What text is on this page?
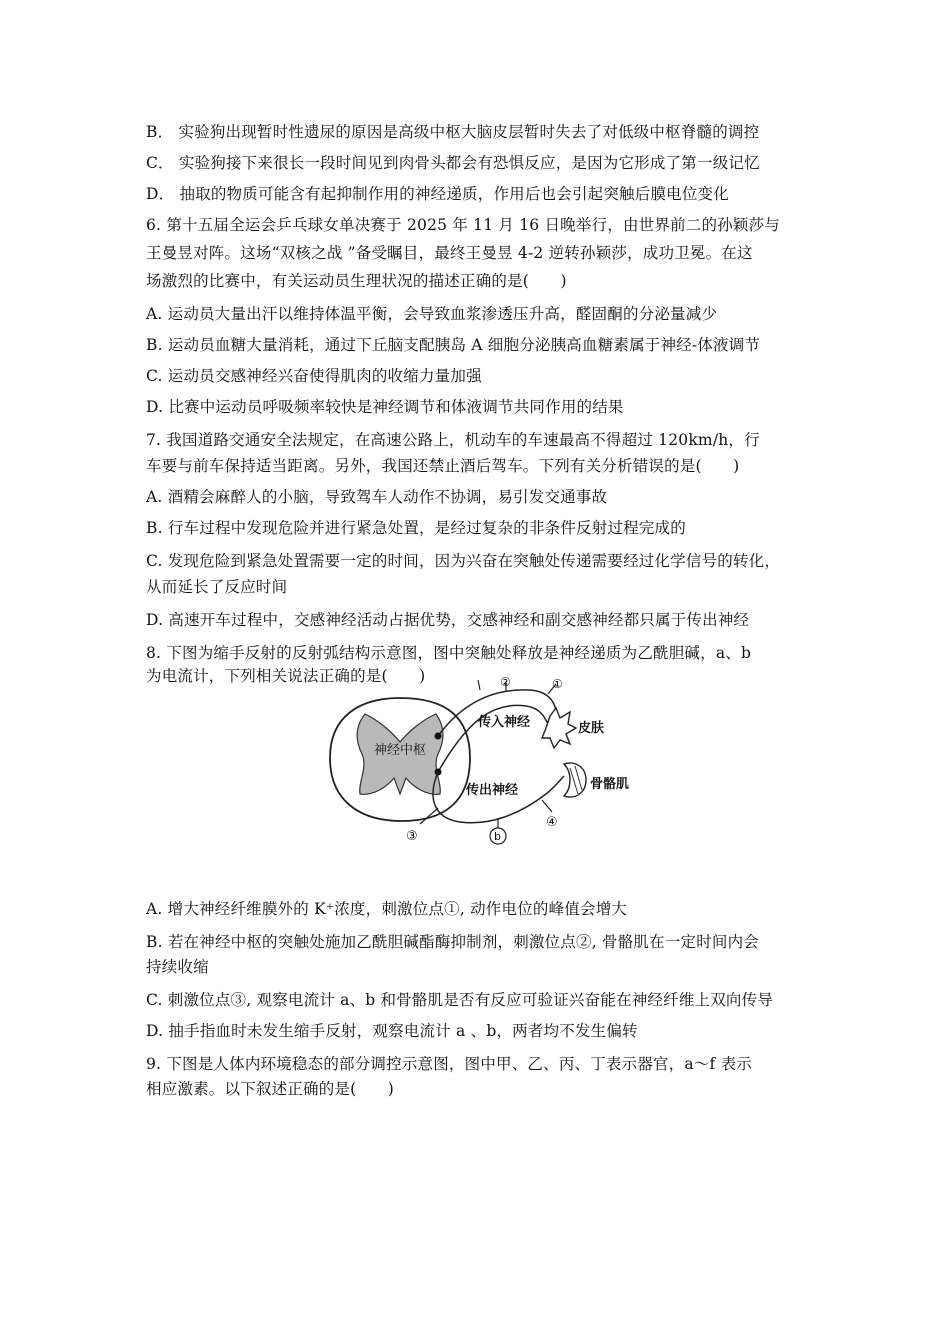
B． 实验狗出现暂时性遗尿的原因是高级中枢大脑皮层暂时失去了对低级中枢脊髓的调控
C． 实验狗接下来很长一段时间见到肉骨头都会有恐惧反应，是因为它形成了第一级记忆
D． 抽取的物质可能含有起抑制作用的神经递质，作用后也会引起突触后膜电位变化
6. 第十五届全运会乒乓球女单决赛于 2025 年 11 月 16 日晚举行，由世界前二的孙颖莎与
王曼昱对阵。这场“双核之战 ”备受瞩目，最终王曼昱 4-2 逆转孙颖莎，成功卫冕。在这
场激烈的比赛中，有关运动员生理状况的描述正确的是(　　)
A. 运动员大量出汗以维持体温平衡，会导致血浆渗透压升高，醛固酮的分泌量减少
B. 运动员血糖大量消耗，通过下丘脑支配胰岛 A 细胞分泌胰高血糖素属于神经-体液调节
C. 运动员交感神经兴奋使得肌肉的收缩力量加强
D. 比赛中运动员呼吸频率较快是神经调节和体液调节共同作用的结果
7. 我国道路交通安全法规定，在高速公路上，机动车的车速最高不得超过 120km/h，行
车要与前车保持适当距离。另外，我国还禁止酒后驾车。下列有关分析错误的是(　　)
A. 酒精会麻醉人的小脑，导致驾车人动作不协调，易引发交通事故
B. 行车过程中发现危险并进行紧急处置，是经过复杂的非条件反射过程完成的
C. 发现危险到紧急处置需要一定的时间，因为兴奋在突触处传递需要经过化学信号的转化，
从而延长了反应时间
D. 高速开车过程中，交感神经活动占据优势，交感神经和副交感神经都只属于传出神经
8. 下图为缩手反射的反射弧结构示意图，图中突触处释放是神经递质为乙酰胆碱，a、b
为电流计，下列相关说法正确的是(　　)
神经中枢
传入神经	皮肤
传出神经	骨骼肌
①
②
③
④
b
A. 增大神经纤维膜外的 K⁺浓度，刺激位点①, 动作电位的峰值会增大
B. 若在神经中枢的突触处施加乙酰胆碱酯酶抑制剂，刺激位点②, 骨骼肌在一定时间内会
持续收缩
C. 刺激位点③, 观察电流计 a、b 和骨骼肌是否有反应可验证兴奋能在神经纤维上双向传导
D. 抽手指血时未发生缩手反射，观察电流计 a 、b，两者均不发生偏转
9. 下图是人体内环境稳态的部分调控示意图，图中甲、乙、丙、丁表示器官，a～f 表示
相应激素。以下叙述正确的是(　　)
